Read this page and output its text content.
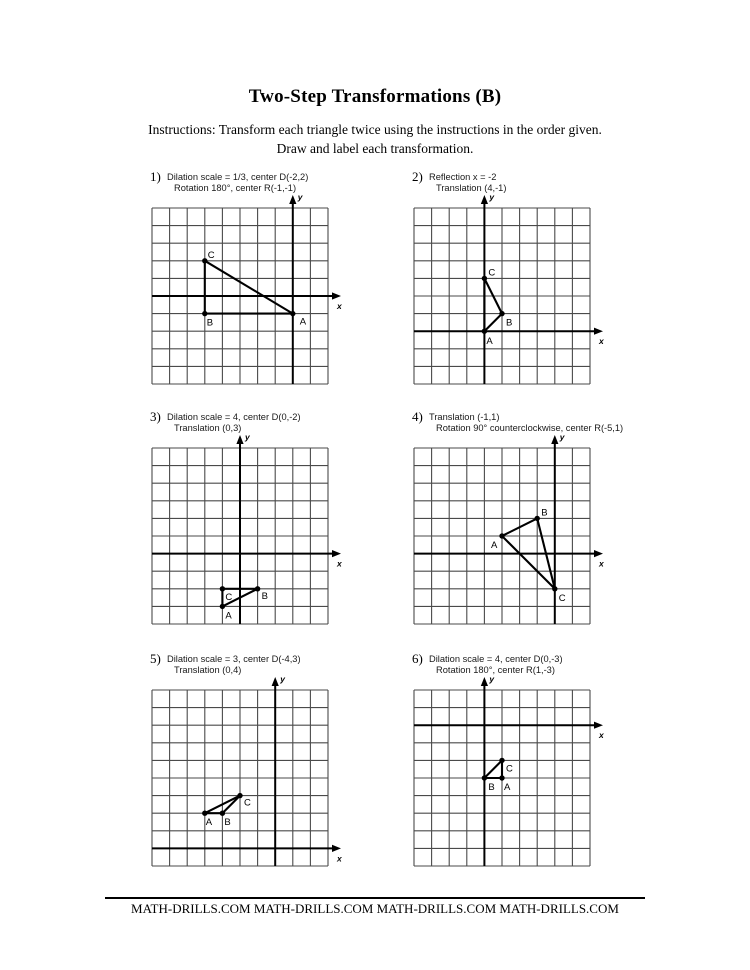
Two-Step Transformations (B)
Instructions: Transform each triangle twice using the instructions in the order given.
Draw and label each transformation.
1) Dilation scale = 1/3, center D(-2,2)
Rotation 180°, center R(-1,-1)
x
y
A
B
C
2) Reflection x = -2
Translation (4,-1)
x
y
A
B
C
3) Dilation scale = 4, center D(0,-2)
Translation (0,3)
x
y
A
B
C
4) Translation (-1,1)
Rotation 90° counterclockwise, center R(-5,1)
x
y
A
B
C
5) Dilation scale = 3, center D(-4,3)
Translation (0,4)
x
y
A B
C
6) Dilation scale = 4, center D(0,-3)
Rotation 180°, center R(1,-3)
x
y
A
B
C
MATH-DRILLS.COM MATH-DRILLS.COM MATH-DRILLS.COM MATH-DRILLS.COM
